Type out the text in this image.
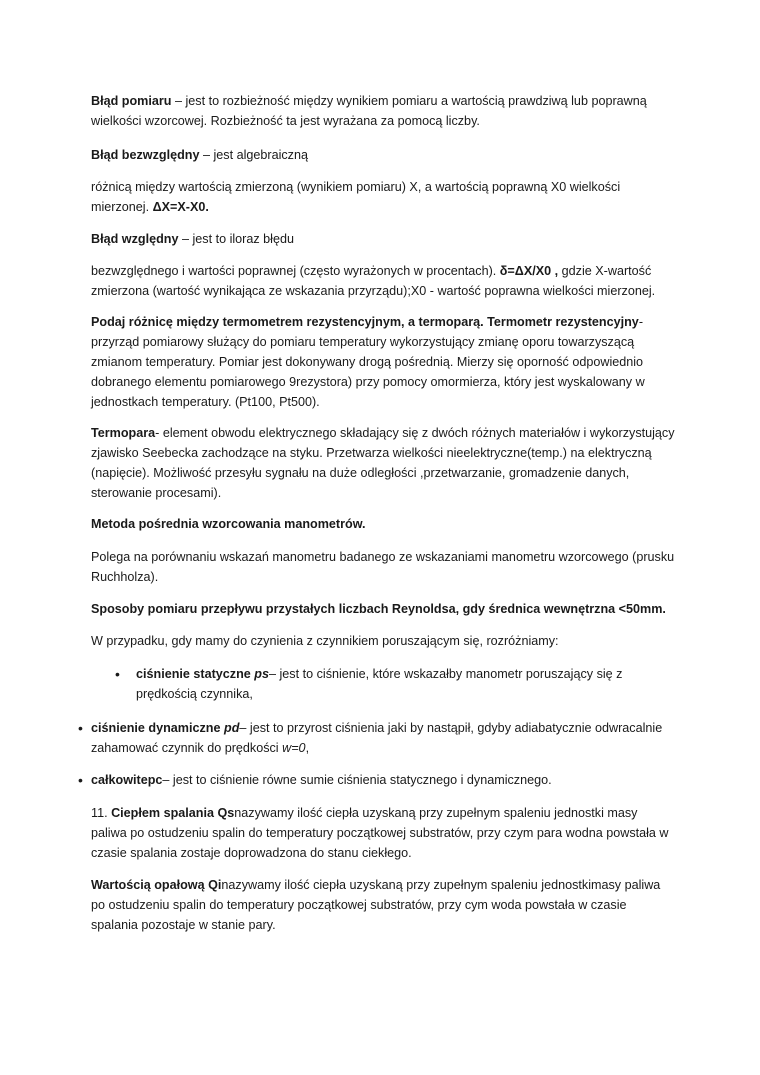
Błąd pomiaru – jest to rozbieżność między wynikiem pomiaru a wartością prawdziwą lub poprawną wielkości wzorcowej. Rozbieżność ta jest wyrażana za pomocą liczby.

Błąd bezwzględny – jest algebraiczną

różnicą między wartością zmierzoną (wynikiem pomiaru) X, a wartością poprawną X0 wielkości mierzonej. ΔX=X-X0.

Błąd względny – jest to iloraz błędu

bezwzględnego i wartości poprawnej (często wyrażonych w procentach). δ=ΔX/X0 , gdzie X-wartość zmierzona (wartość wynikająca ze wskazania przyrządu);X0 - wartość poprawna wielkości mierzonej.

Podaj różnicę między termometrem rezystencyjnym, a termoparą. Termometr rezystencyjny- przyrząd pomiarowy służący do pomiaru temperatury wykorzystujący zmianę oporu towarzyszącą zmianom temperatury. Pomiar jest dokonywany drogą pośrednią. Mierzy się oporność odpowiednio dobranego elementu pomiarowego 9rezystora) przy pomocy omormierza, który jest wyskalowany w jednostkach temperatury. (Pt100, Pt500).

Termopara- element obwodu elektrycznego składający się z dwóch różnych materiałów i wykorzystujący zjawisko Seebecka zachodzące na styku. Przetwarza wielkości nieelektryczne(temp.) na elektryczną (napięcie). Możliwość przesyłu sygnału na duże odległości ,przetwarzanie, gromadzenie danych, sterowanie procesami).

Metoda pośrednia wzorcowania manometrów.

Polega na porównaniu wskazań manometru badanego ze wskazaniami manometru wzorcowego (prusku Ruchholza).

Sposoby pomiaru przepływu przystałych liczbach Reynoldsa, gdy średnica wewnętrzna <50mm.

W przypadku, gdy mamy do czynienia z czynnikiem poruszającym się, rozróżniamy:

• ciśnienie statyczne ps– jest to ciśnienie, które wskazałby manometr poruszający się z prędkością czynnika,

• ciśnienie dynamiczne pd– jest to przyrost ciśnienia jaki by nastąpił, gdyby adiabatycznie odwracalnie zahamować czynnik do prędkości w=0,

• całkowitepc– jest to ciśnienie równe sumie ciśnienia statycznego i dynamicznego.

11. Ciepłem spalania Qsnazywamy ilość ciepła uzyskaną przy zupełnym spaleniu jednostki masy paliwa po ostudzeniu spalin do temperatury początkowej substratów, przy czym para wodna powstała w czasie spalania zostaje doprowadzona do stanu ciekłego.

Wartością opałową Qinazywamy ilość ciepła uzyskaną przy zupełnym spaleniu jednostkimasy paliwa po ostudzeniu spalin do temperatury początkowej substratów, przy cym woda powstała w czasie spalania pozostaje w stanie pary.
